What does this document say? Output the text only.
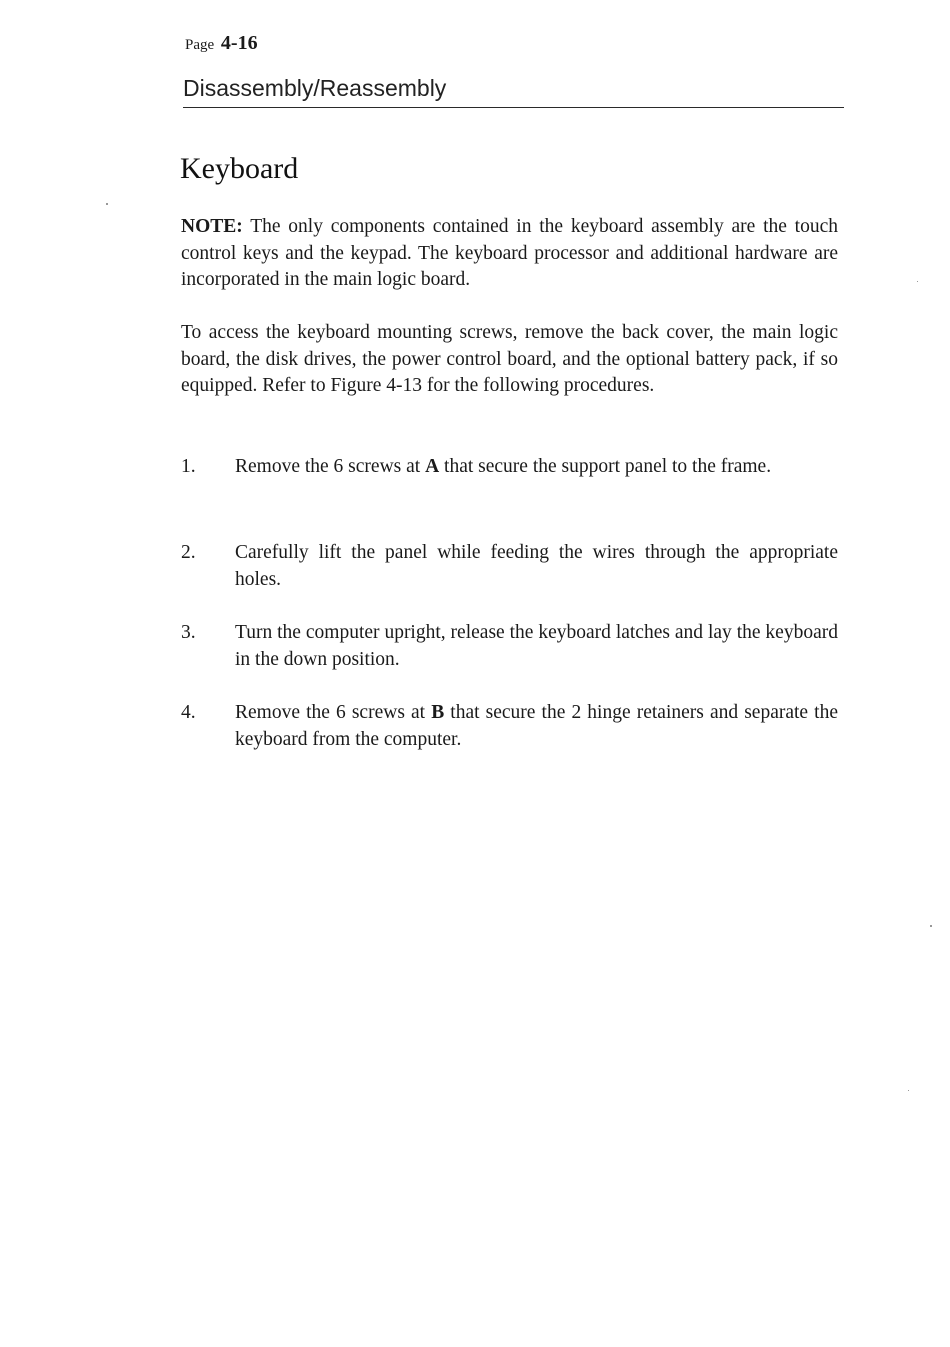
Page 4-16
Disassembly/Reassembly
Keyboard

NOTE: The only components contained in the keyboard assembly are the touch control keys and the keypad. The keyboard processor and additional hardware are incorporated in the main logic board.

To access the keyboard mounting screws, remove the back cover, the main logic board, the disk drives, the power control board, and the optional battery pack, if so equipped. Refer to Figure 4-13 for the following procedures.

1. Remove the 6 screws at A that secure the support panel to the frame.

2. Carefully lift the panel while feeding the wires through the appropriate holes.

3. Turn the computer upright, release the keyboard latches and lay the keyboard in the down position.

4. Remove the 6 screws at B that secure the 2 hinge retainers and separate the keyboard from the computer.
